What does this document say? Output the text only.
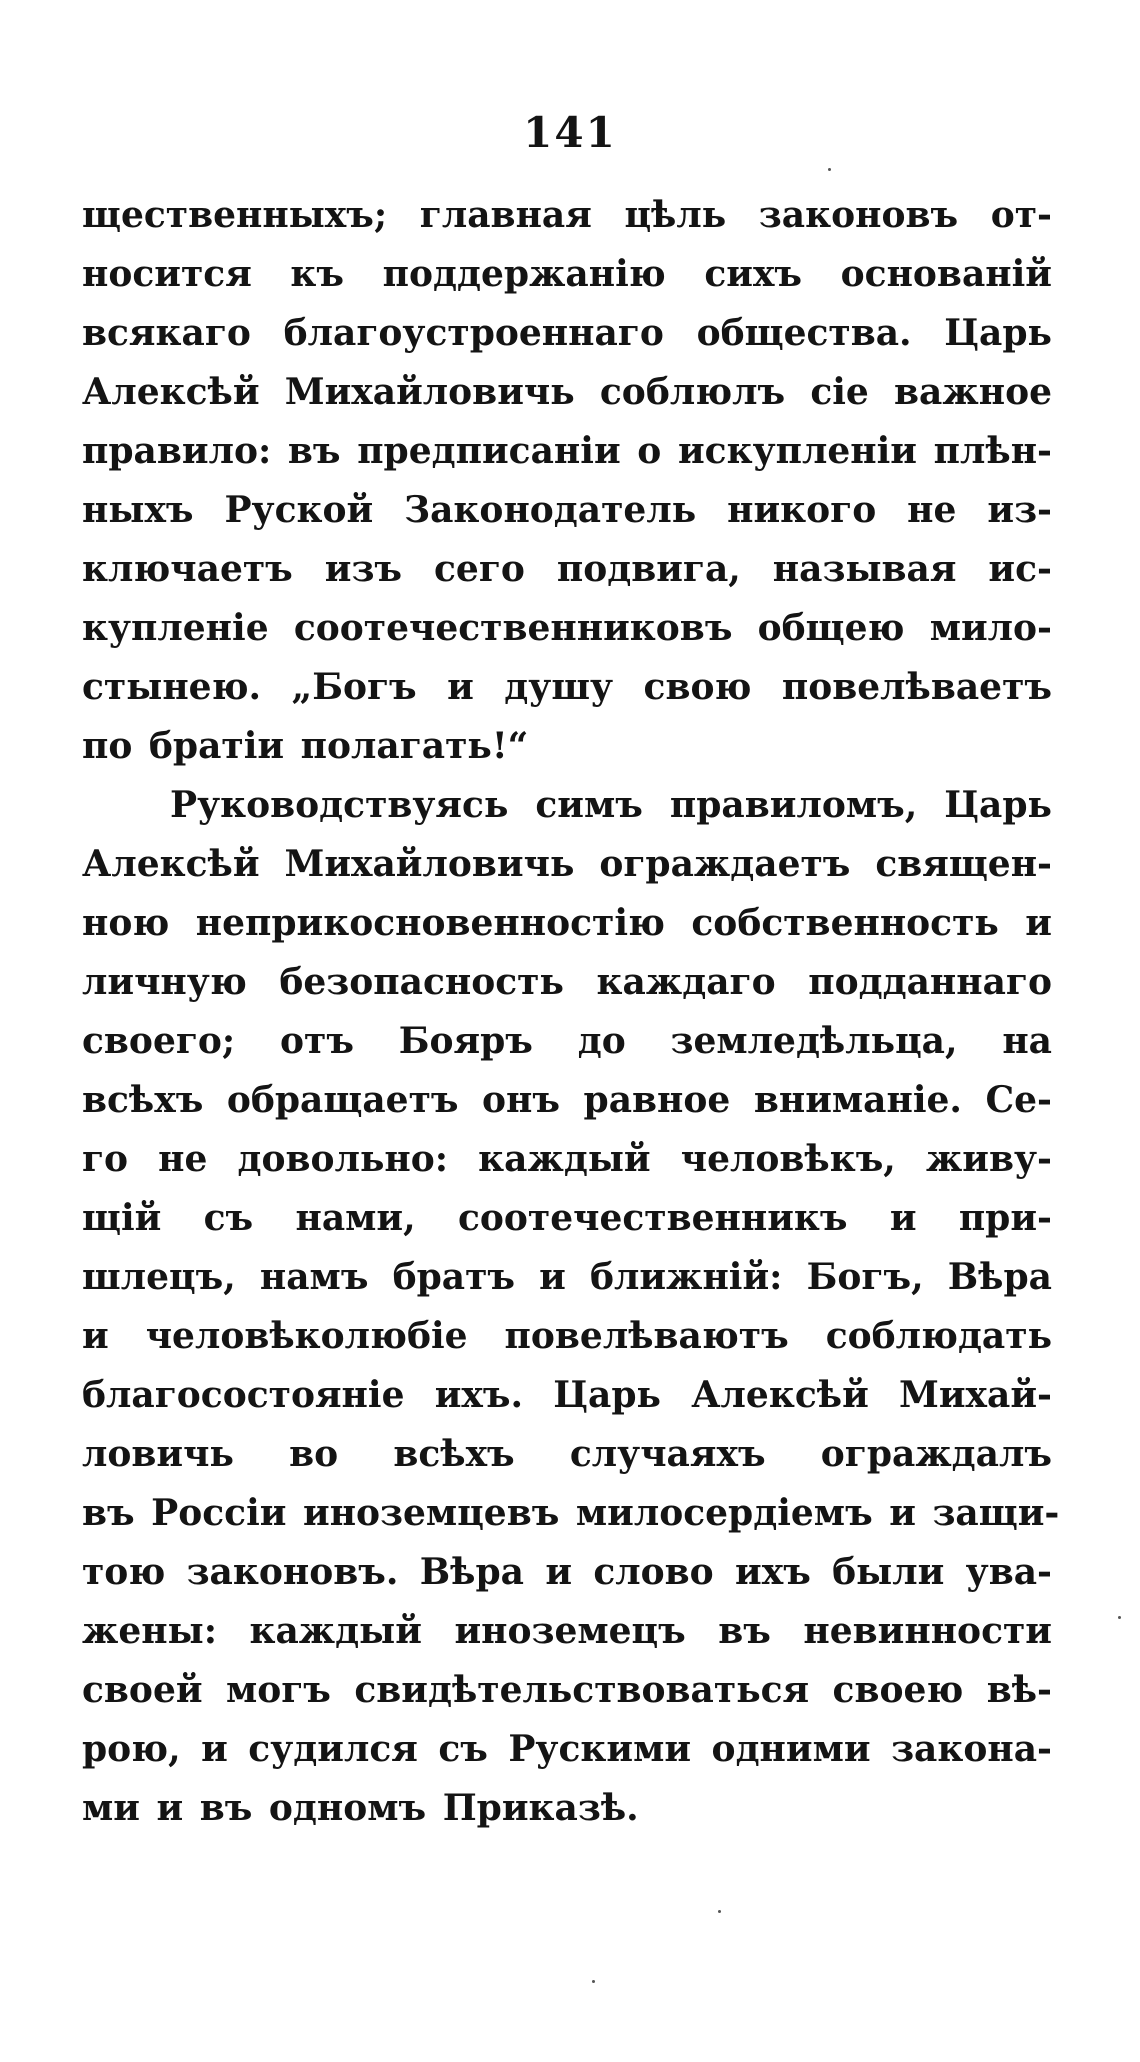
141
щественныхъ; главная цѣль законовъ от-
носится къ поддержанію сихъ основаній
всякаго благоустроеннаго общества. Царь
Алексѣй Михайловичь соблюлъ сіе важное
правило: въ предписаніи о искупленіи плѣн-
ныхъ Руской Законодатель никого не из-
ключаетъ изъ сего подвига, называя ис-
купленіе соотечественниковъ общею мило-
стынею. „Богъ и душу свою повелѣваетъ
по братіи полагать!“
Руководствуясь симъ правиломъ, Царь
Алексѣй Михайловичь ограждаетъ священ-
ною неприкосновенностію собственность и
личную безопасность каждаго подданнаго
своего; отъ Бояръ до земледѣльца, на
всѣхъ обращаетъ онъ равное вниманіе. Се-
го не довольно: каждый человѣкъ, живу-
щій съ нами, соотечественникъ и при-
шлецъ, намъ братъ и ближній: Богъ, Вѣра
и человѣколюбіе повелѣваютъ соблюдать
благосостояніе ихъ. Царь Алексѣй Михай-
ловичь во всѣхъ случаяхъ ограждалъ
въ Россіи иноземцевъ милосердіемъ и защи-
тою законовъ. Вѣра и слово ихъ были ува-
жены: каждый иноземецъ въ невинности
своей могъ свидѣтельствоваться своею вѣ-
рою, и судился съ Рускими одними закона-
ми и въ одномъ Приказѣ.
